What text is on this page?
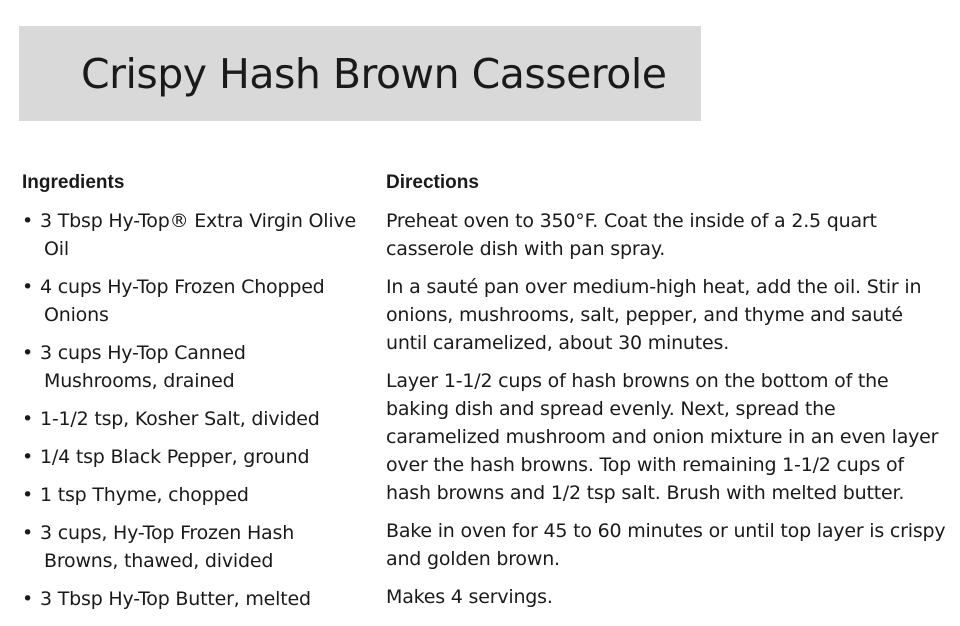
Crispy Hash Brown Casserole
Ingredients	Directions
• 3 Tbsp Hy-Top® Extra Virgin Olive Oil
• 4 cups Hy-Top Frozen Chopped Onions
• 3 cups Hy-Top Canned Mushrooms, drained
• 1-1/2 tsp, Kosher Salt, divided
• 1/4 tsp Black Pepper, ground
• 1 tsp Thyme, chopped
• 3 cups, Hy-Top Frozen Hash Browns, thawed, divided
• 3 Tbsp Hy-Top Butter, melted

Preheat oven to 350°F. Coat the inside of a 2.5 quart casserole dish with pan spray.

In a sauté pan over medium-high heat, add the oil. Stir in onions, mushrooms, salt, pepper, and thyme and sauté until caramelized, about 30 minutes.

Layer 1-1/2 cups of hash browns on the bottom of the baking dish and spread evenly. Next, spread the caramelized mushroom and onion mixture in an even layer over the hash browns. Top with remaining 1-1/2 cups of hash browns and 1/2 tsp salt. Brush with melted butter.

Bake in oven for 45 to 60 minutes or until top layer is crispy and golden brown.

Makes 4 servings.
